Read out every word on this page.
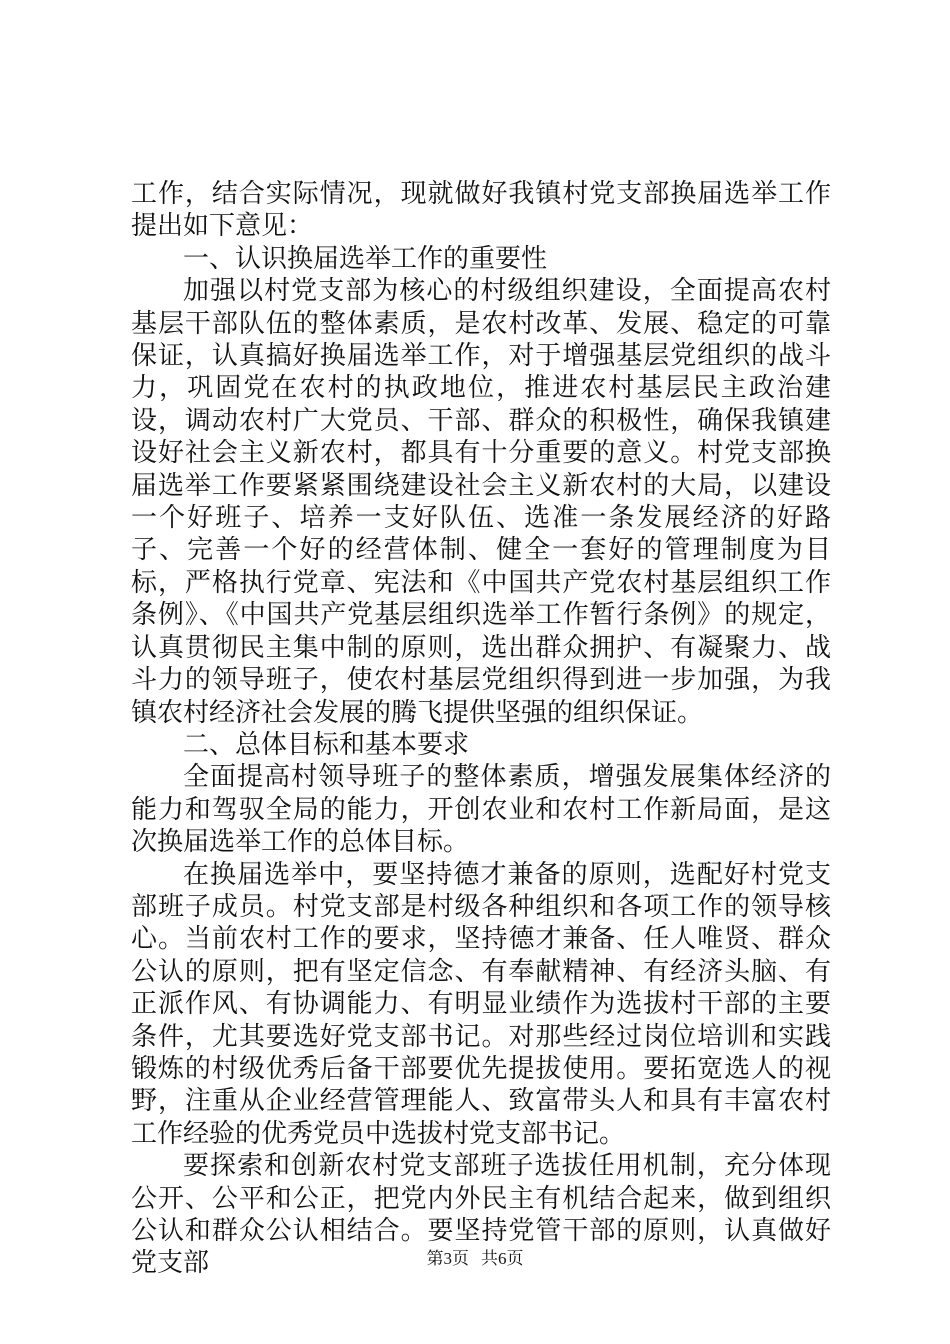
工作，结合实际情况，现就做好我镇村党支部换届选举工作提出如下意见：

一、认识换届选举工作的重要性

加强以村党支部为核心的村级组织建设，全面提高农村基层干部队伍的整体素质，是农村改革、发展、稳定的可靠保证，认真搞好换届选举工作，对于增强基层党组织的战斗力，巩固党在农村的执政地位，推进农村基层民主政治建设，调动农村广大党员、干部、群众的积极性，确保我镇建设好社会主义新农村，都具有十分重要的意义。村党支部换届选举工作要紧紧围绕建设社会主义新农村的大局，以建设一个好班子、培养一支好队伍、选准一条发展经济的好路子、完善一个好的经营体制、健全一套好的管理制度为目标，严格执行党章、宪法和《中国共产党农村基层组织工作条例》、《中国共产党基层组织选举工作暂行条例》的规定，认真贯彻民主集中制的原则，选出群众拥护、有凝聚力、战斗力的领导班子，使农村基层党组织得到进一步加强，为我镇农村经济社会发展的腾飞提供坚强的组织保证。

二、总体目标和基本要求

全面提高村领导班子的整体素质，增强发展集体经济的能力和驾驭全局的能力，开创农业和农村工作新局面，是这次换届选举工作的总体目标。

在换届选举中，要坚持德才兼备的原则，选配好村党支部班子成员。村党支部是村级各种组织和各项工作的领导核心。当前农村工作的要求，坚持德才兼备、任人唯贤、群众公认的原则，把有坚定信念、有奉献精神、有经济头脑、有正派作风、有协调能力、有明显业绩作为选拔村干部的主要条件，尤其要选好党支部书记。对那些经过岗位培训和实践锻炼的村级优秀后备干部要优先提拔使用。要拓宽选人的视野，注重从企业经营管理能人、致富带头人和具有丰富农村工作经验的优秀党员中选拔村党支部书记。

要探索和创新农村党支部班子选拔任用机制，充分体现公开、公平和公正，把党内外民主有机结合起来，做到组织公认和群众公认相结合。要坚持党管干部的原则，认真做好党支部	第3页 共6页
